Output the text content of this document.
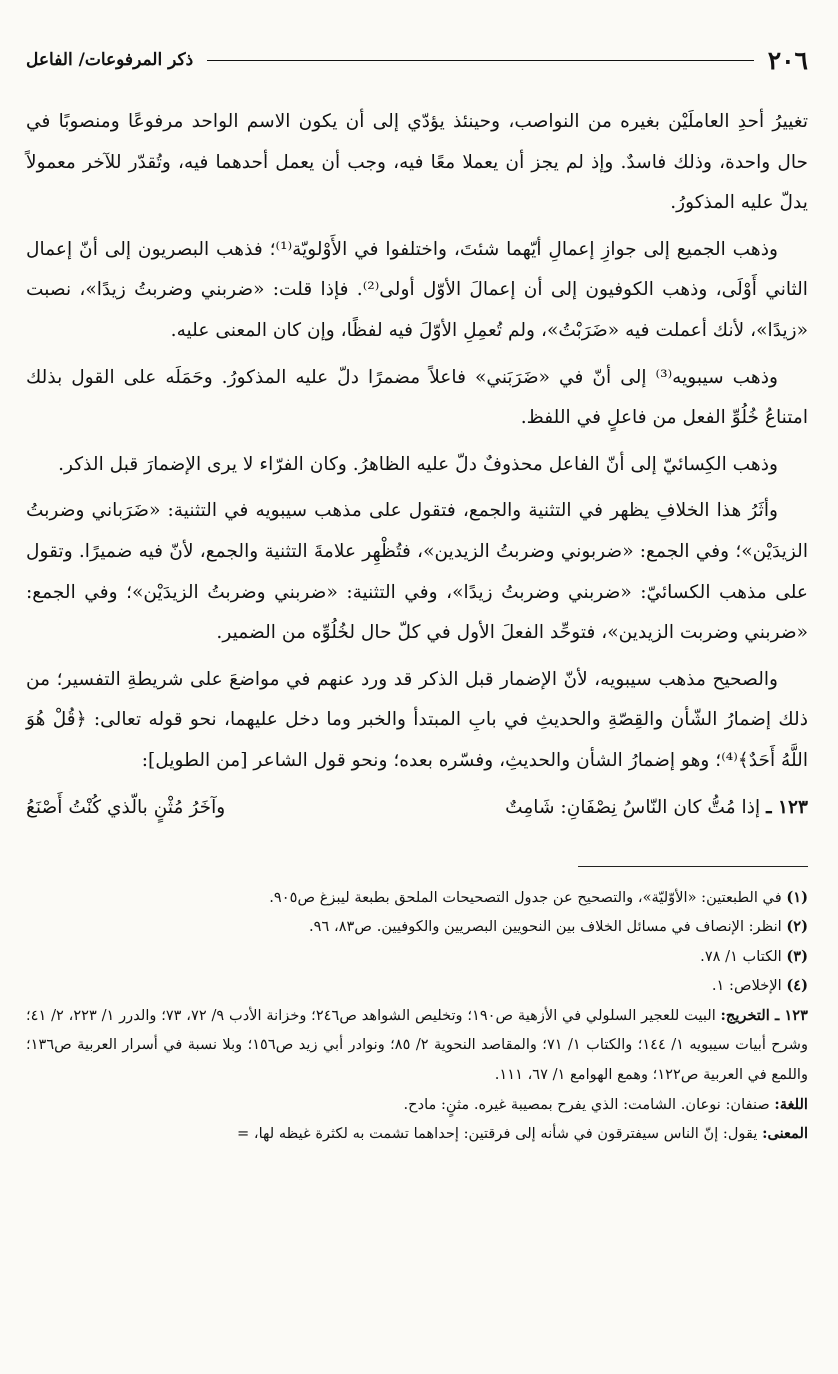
٢٠٦
ذكر المرفوعات/ الفاعل

تغييرُ أحدِ العاملَيْن بغيره من النواصب، وحينئذ يؤدّي إلى أن يكون الاسم الواحد مرفوعًا ومنصوبًا في حال واحدة، وذلك فاسدٌ. وإذ لم يجز أن يعملا معًا فيه، وجب أن يعمل أحدهما فيه، وتُقدّر للآخر معمولاً يدلّ عليه المذكورُ.

وذهب الجميع إلى جوازِ إعمالِ أيّهما شئتَ، واختلفوا في الأَوْلويّة⁽¹⁾؛ فذهب البصريون إلى أنّ إعمال الثاني أَوْلَى، وذهب الكوفيون إلى أن إعمالَ الأوّل أولى⁽²⁾. فإذا قلت: «ضربني وضربتُ زيدًا»، نصبت «زيدًا»، لأنك أعملت فيه «ضَرَبْتُ»، ولم تُعمِلِ الأوّلَ فيه لفظًا، وإن كان المعنى عليه.

وذهب سيبويه⁽³⁾ إلى أنّ في «ضَرَبَني» فاعلاً مضمرًا دلّ عليه المذكورُ. وحَمَلَه على القول بذلك امتناعُ خُلُوِّ الفعل من فاعلٍ في اللفظ.

وذهب الكِسائيّ إلى أنّ الفاعل محذوفٌ دلّ عليه الظاهرُ. وكان الفرّاء لا يرى الإضمارَ قبل الذكر.

وأثَرُ هذا الخلافِ يظهر في التثنية والجمع، فتقول على مذهب سيبويه في التثنية: «ضَرَباني وضربتُ الزيدَيْن»؛ وفي الجمع: «ضربوني وضربتُ الزيدين»، فتُظْهِر علامةَ التثنية والجمع، لأنّ فيه ضميرًا. وتقول على مذهب الكسائيّ: «ضربني وضربتُ زيدًا»، وفي التثنية: «ضربني وضربتُ الزيدَيْن»؛ وفي الجمع: «ضربني وضربت الزيدين»، فتوحِّد الفعلَ الأول في كلّ حال لخُلُوِّه من الضمير.

والصحيح مذهب سيبويه، لأنّ الإضمار قبل الذكر قد ورد عنهم في مواضعَ على شريطةِ التفسير؛ من ذلك إضمارُ الشّأن والقِصّةِ والحديثِ في بابِ المبتدأ والخبر وما دخل عليهما، نحو قوله تعالى: ﴿قُلْ هُوَ اللَّهُ أَحَدٌ﴾⁽⁴⁾؛ وهو إضمارُ الشأن والحديثِ، وفسّره بعده؛ ونحو قول الشاعر [من الطويل]:

١٢٣ ـ إذا مُتُّ كان النّاسُ نِصْفَانِ: شَامِتٌ
وآخَرُ مُثْنٍ بالّذي كُنْتُ أَصْنَعُ

(١) في الطبعتين: «الأوّليّة»، والتصحيح عن جدول التصحيحات الملحق بطبعة ليبزغ ص٩٠٥.

(٢) انظر: الإنصاف في مسائل الخلاف بين النحويين البصريين والكوفيين. ص٨٣، ٩٦.

(٣) الكتاب ١/ ٧٨.

(٤) الإخلاص: ١.

١٢٣ ـ التخريج: البيت للعجير السلولي في الأزهية ص١٩٠؛ وتخليص الشواهد ص٢٤٦؛ وخزانة الأدب ٩/ ٧٢، ٧٣؛ والدرر ١/ ٢٢٣، ٢/ ٤١؛ وشرح أبيات سيبويه ١/ ١٤٤؛ والكتاب ١/ ٧١؛ والمقاصد النحوية ٢/ ٨٥؛ ونوادر أبي زيد ص١٥٦؛ وبلا نسبة في أسرار العربية ص١٣٦؛ واللمع في العربية ص١٢٢؛ وهمع الهوامع ١/ ٦٧، ١١١.

اللغة: صنفان: نوعان. الشامت: الذي يفرح بمصيبة غيره. مثنٍ: مادح.

المعنى: يقول: إنّ الناس سيفترقون في شأنه إلى فرقتين: إحداهما تشمت به لكثرة غيظه لها، =
